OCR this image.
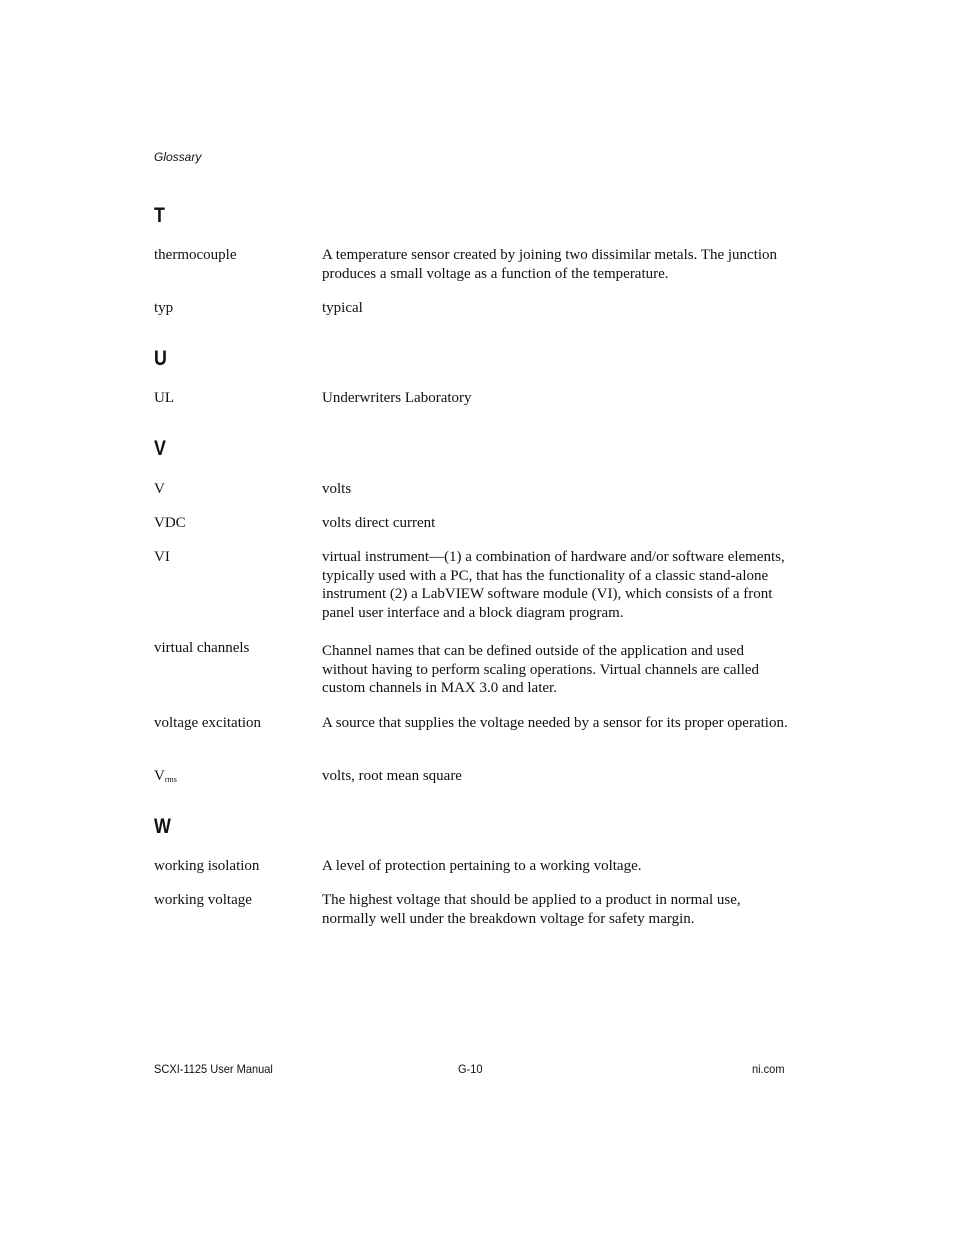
Glossary
T
thermocouple	A temperature sensor created by joining two dissimilar metals. The junction produces a small voltage as a function of the temperature.
typ	typical
U
UL	Underwriters Laboratory
V
V	volts
VDC	volts direct current
VI	virtual instrument—(1) a combination of hardware and/or software elements, typically used with a PC, that has the functionality of a classic stand-alone instrument (2) a LabVIEW software module (VI), which consists of a front panel user interface and a block diagram program.
virtual channels	Channel names that can be defined outside of the application and used without having to perform scaling operations. Virtual channels are called custom channels in MAX 3.0 and later.
voltage excitation	A source that supplies the voltage needed by a sensor for its proper operation.
$V_{rms}$	volts, root mean square
W
working isolation	A level of protection pertaining to a working voltage.
working voltage	The highest voltage that should be applied to a product in normal use, normally well under the breakdown voltage for safety margin.
SCXI-1125 User Manual	G-10	ni.com
